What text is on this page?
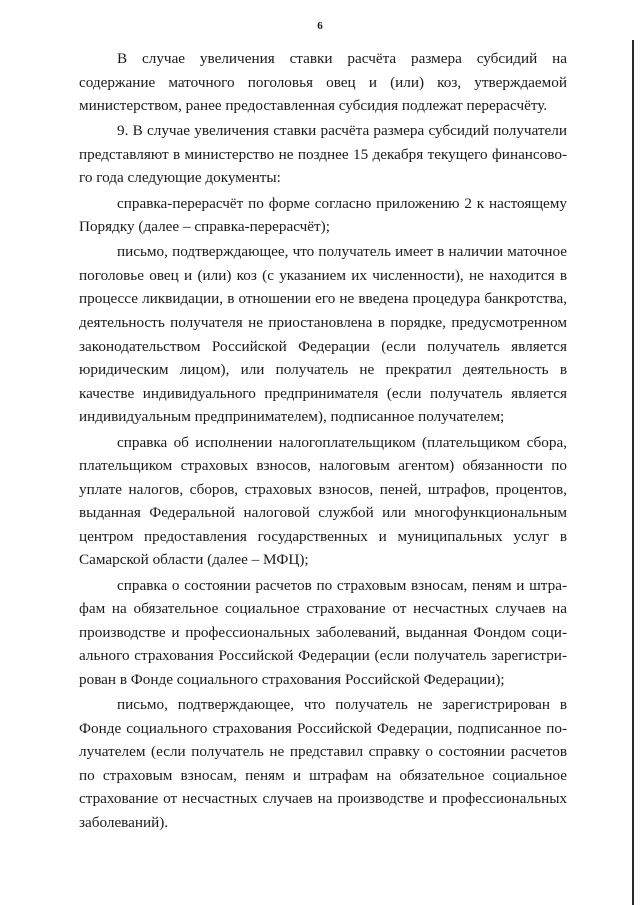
6

В случае увеличения ставки расчёта размера субсидий на содержание маточного поголовья овец и (или) коз, утверждаемой министерством, ранее предоставленная субсидия подлежат перерасчёту.

9. В случае увеличения ставки расчёта размера субсидий получатели представляют в министерство не позднее 15 декабря текущего финансового года следующие документы:

справка-перерасчёт по форме согласно приложению 2 к настоящему Порядку (далее – справка-перерасчёт);

письмо, подтверждающее, что получатель имеет в наличии маточное поголовье овец и (или) коз (с указанием их численности), не находится в процессе ликвидации, в отношении его не введена процедура банкротства, деятельность получателя не приостановлена в порядке, предусмотренном законодательством Российской Федерации (если получатель является юридическим лицом), или получатель не прекратил деятельность в качестве индивидуального предпринимателя (если получатель является индивидуальным предпринимателем), подписанное получателем;

справка об исполнении налогоплательщиком (плательщиком сбора, плательщиком страховых взносов, налоговым агентом) обязанности по уплате налогов, сборов, страховых взносов, пеней, штрафов, процентов, выданная Федеральной налоговой службой или многофункциональным центром предоставления государственных и муниципальных услуг в Самарской области (далее – МФЦ);

справка о состоянии расчетов по страховым взносам, пеням и штрафам на обязательное социальное страхование от несчастных случаев на производстве и профессиональных заболеваний, выданная Фондом социального страхования Российской Федерации (если получатель зарегистрирован в Фонде социального страхования Российской Федерации);

письмо, подтверждающее, что получатель не зарегистрирован в Фонде социального страхования Российской Федерации, подписанное получателем (если получатель не представил справку о состоянии расчетов по страховым взносам, пеням и штрафам на обязательное социальное страхование от несчастных случаев на производстве и профессиональных заболеваний).
